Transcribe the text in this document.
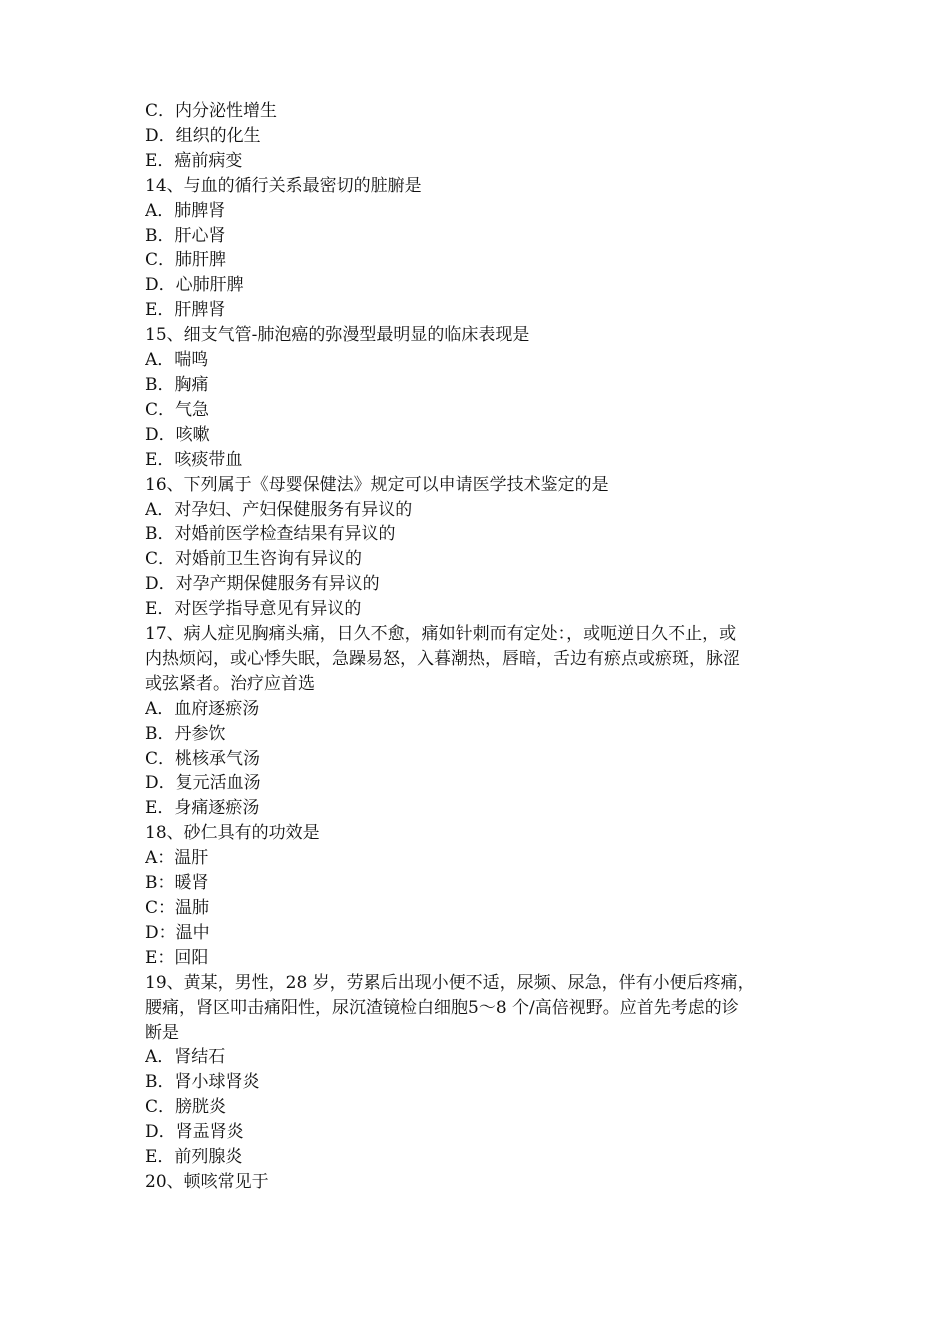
C．内分泌性增生
D．组织的化生
E．癌前病变
14、与血的循行关系最密切的脏腑是
A．肺脾肾
B．肝心肾
C．肺肝脾
D．心肺肝脾
E．肝脾肾
15、细支气管-肺泡癌的弥漫型最明显的临床表现是
A．喘鸣
B．胸痛
C．气急
D．咳嗽
E．咳痰带血
16、下列属于《母婴保健法》规定可以申请医学技术鉴定的是
A．对孕妇、产妇保健服务有异议的
B．对婚前医学检查结果有异议的
C．对婚前卫生咨询有异议的
D．对孕产期保健服务有异议的
E．对医学指导意见有异议的
17、病人症见胸痛头痛，日久不愈，痛如针刺而有定处：，或呃逆日久不止，或
内热烦闷，或心悸失眠，急躁易怒，入暮潮热，唇暗，舌边有瘀点或瘀斑，脉涩
或弦紧者。治疗应首选
A．血府逐瘀汤
B．丹参饮
C．桃核承气汤
D．复元活血汤
E．身痛逐瘀汤
18、砂仁具有的功效是
A：温肝
B：暖肾
C：温肺
D：温中
E：回阳
19、黄某，男性，28 岁，劳累后出现小便不适，尿频、尿急，伴有小便后疼痛，
腰痛，肾区叩击痛阳性，尿沉渣镜检白细胞5～8 个/高倍视野。应首先考虑的诊
断是
A．肾结石
B．肾小球肾炎
C．膀胱炎
D．肾盂肾炎
E．前列腺炎
20、顿咳常见于
